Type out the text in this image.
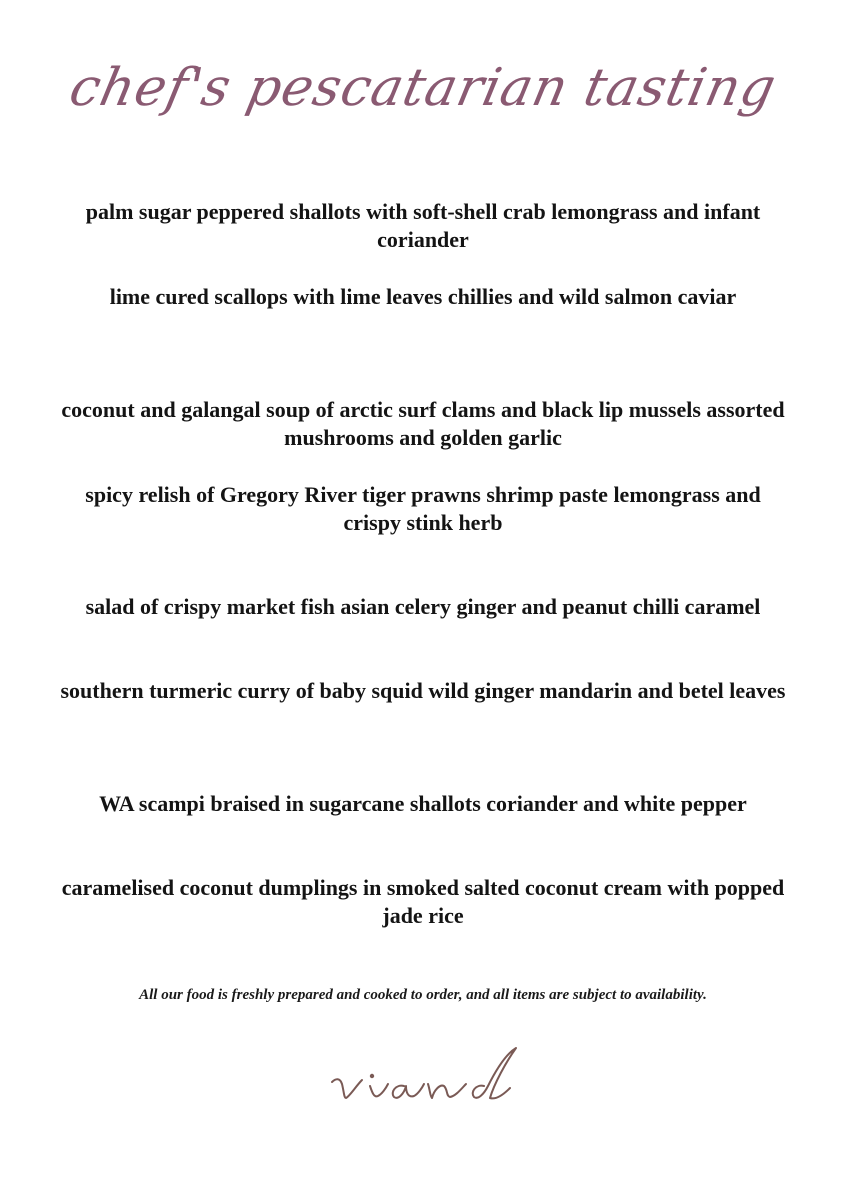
chef's pescatarian tasting
palm sugar peppered shallots with soft-shell crab lemongrass and infant coriander
lime cured scallops with lime leaves chillies and wild salmon caviar
coconut and galangal soup of arctic surf clams and black lip mussels assorted mushrooms and golden garlic
spicy relish of Gregory River tiger prawns shrimp paste lemongrass and crispy stink herb
salad of crispy market fish asian celery ginger and peanut chilli caramel
southern turmeric curry of baby squid wild ginger mandarin and betel leaves
WA scampi braised in sugarcane shallots coriander and white pepper
caramelised coconut dumplings in smoked salted coconut cream with popped jade rice
All our food is freshly prepared and cooked to order, and all items are subject to availability.
viand
